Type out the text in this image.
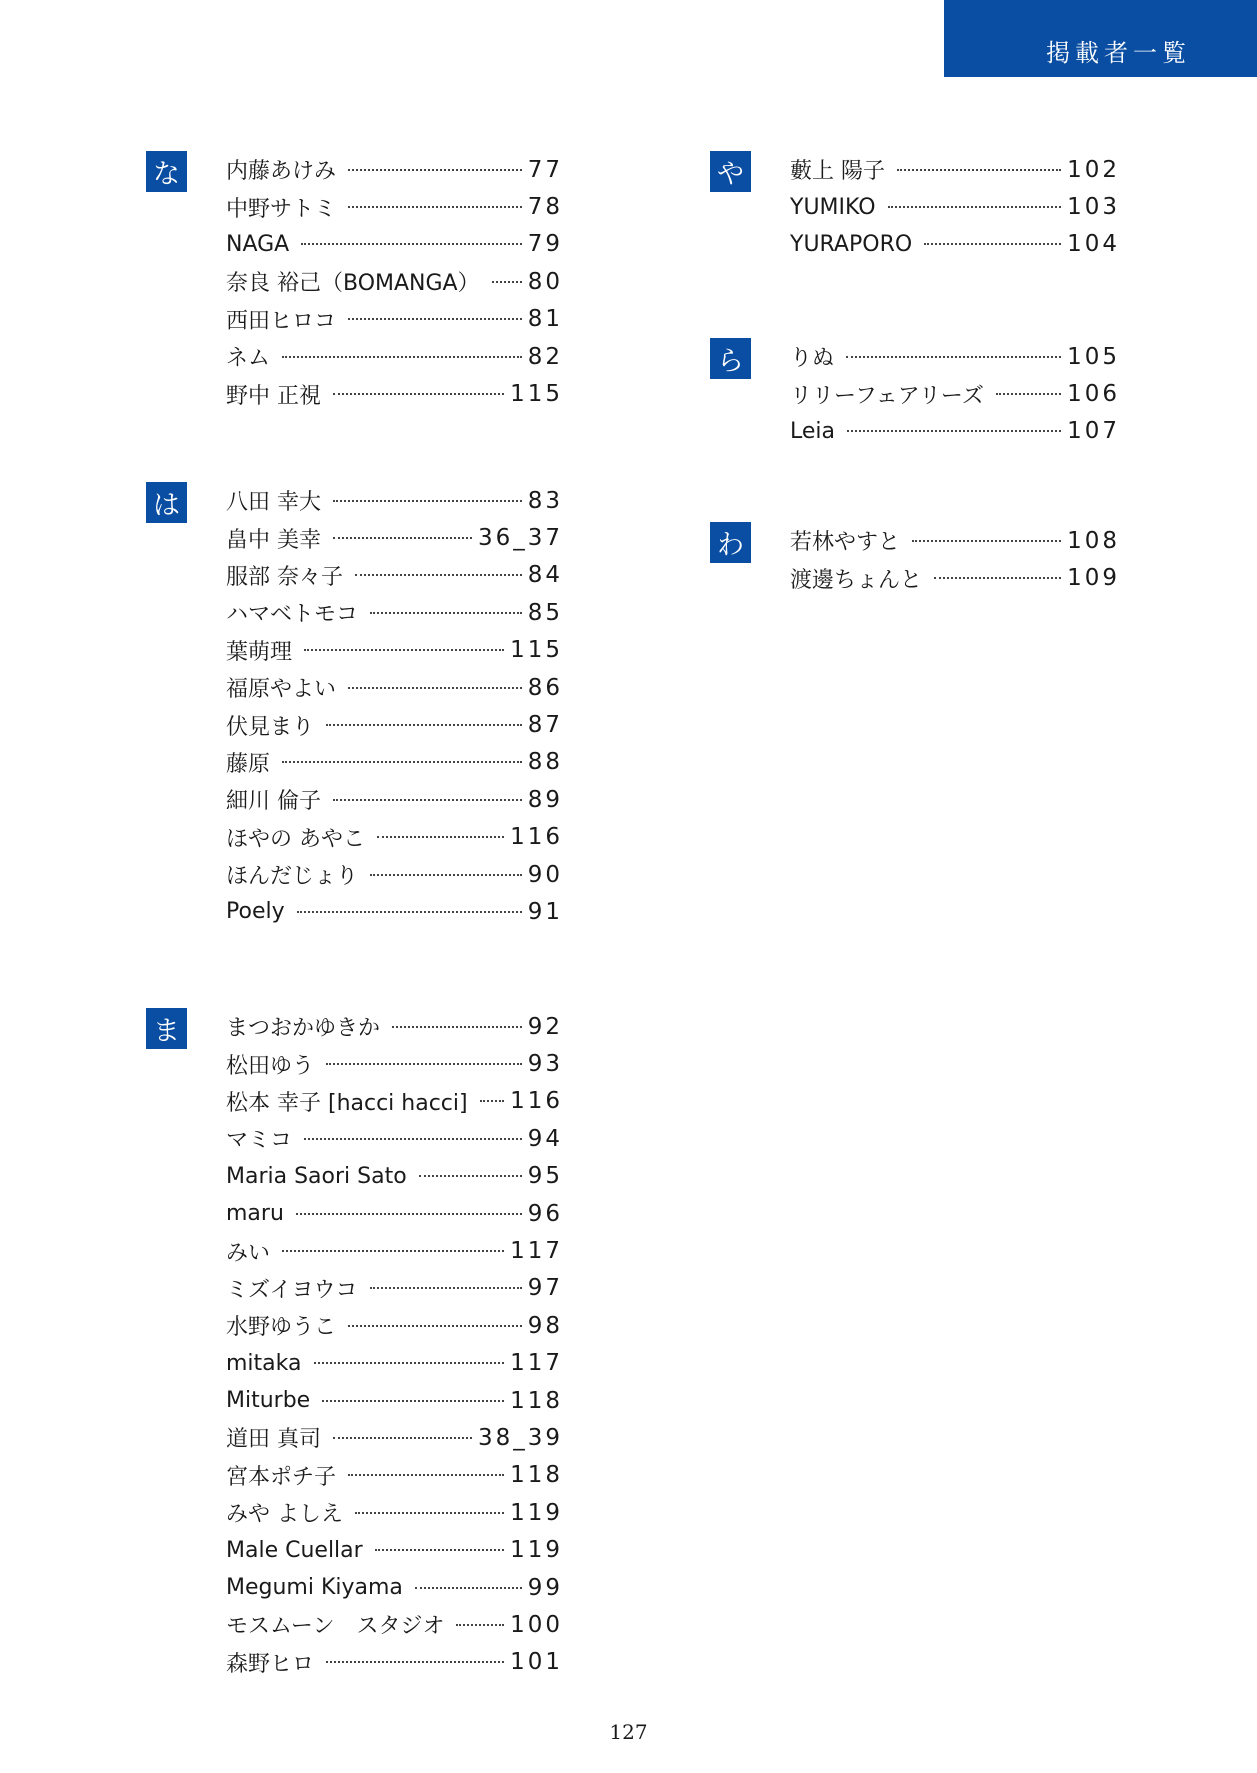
掲載者一覧
な	内藤あけみ	77
中野サトミ	78
NAGA	79
奈良 裕己（BOMANGA） 80
西田ヒロコ	81
ネム	82
野中 正視	115
は	八田 幸大	83
畠中 美幸	36_37
服部 奈々子	84
ハマベトモコ	85
葉萌理	115
福原やよい	86
伏見まり	87
藤原	88
細川 倫子	89
ほやの あやこ	116
ほんだじょり	90
Poely	91
ま	まつおかゆきか	92
松田ゆう	93
松本 幸子 [hacci hacci] 116
マミコ	94
Maria Saori Sato	95
maru	96
みい	117
ミズイヨウコ	97
水野ゆうこ	98
mitaka	117
Miturbe	118
道田 真司	38_39
宮本ポチ子	118
みや よしえ	119
Male Cuellar	119
Megumi Kiyama	99
モスムーン　スタジオ	100
森野ヒロ	101
や	藪上 陽子	102
YUMIKO	103
YURAPORO	104
ら	りぬ	105
リリーフェアリーズ	106
Leia	107
わ	若林やすと	108
渡邊ちょんと	109
127
